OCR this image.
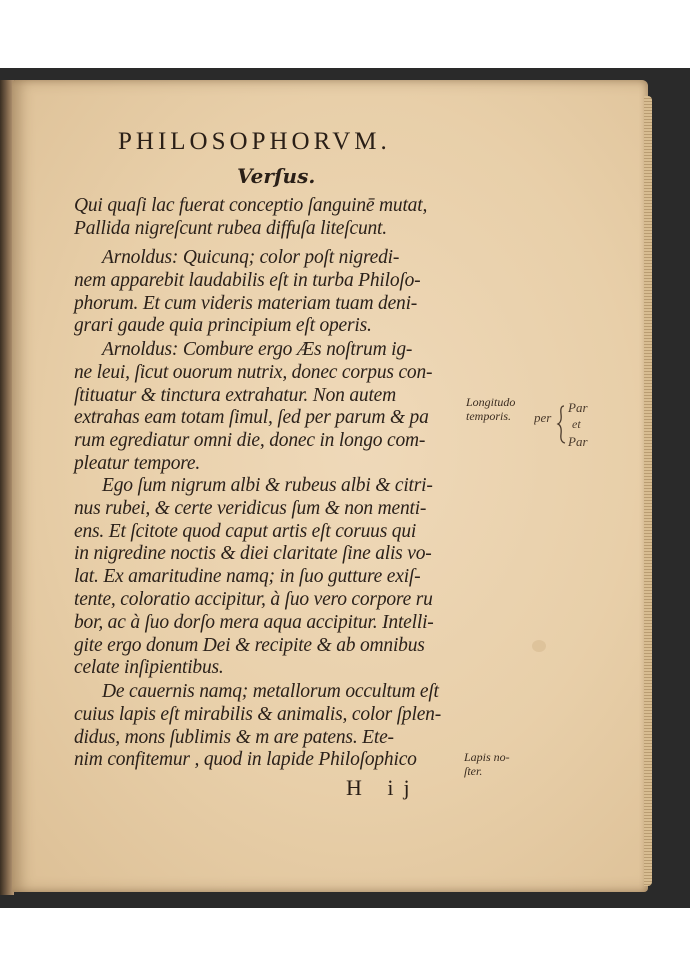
PHILOSOPHORVM.
Verſus.
Qui quaſi lac fuerat conceptio ſanguinē mutat,
Pallida nigreſcunt rubea diffuſa liteſcunt.
Arnoldus: Quicunq; color poſt nigredi-
nem apparebit laudabilis eſt in turba Philoſo-
phorum. Et cum videris materiam tuam deni-
grari gaude quia principium eſt operis.
Arnoldus: Combure ergo Æs noſtrum ig-
ne leui, ſicut ouorum nutrix, donec corpus con-
ſtituatur & tinctura extrahatur. Non autem
extrahas eam totam ſimul, ſed per parum & pa
rum egrediatur omni die, donec in longo com-
pleatur tempore.
Ego ſum nigrum albi & rubeus albi & citri-
nus rubei, & certe veridicus ſum & non menti-
ens. Et ſcitote quod caput artis eſt coruus qui
in nigredine noctis & diei claritate ſine alis vo-
lat. Ex amaritudine namq; in ſuo gutture exiſ-
tente, coloratio accipitur, à ſuo vero corpore ru
bor, ac à ſuo dorſo mera aqua accipitur. Intelli-
gite ergo donum Dei & recipite & ab omnibus
celate inſipientibus.
De cauernis namq; metallorum occultum eſt
cuius lapis eſt mirabilis & animalis, color ſplen-
didus, mons ſublimis & m are patens. Ete-
nim confitemur , quod in lapide Philoſophico
H ij
Longitudo
temporis.
Lapis no-
ſter.
per
Par
et
Par
